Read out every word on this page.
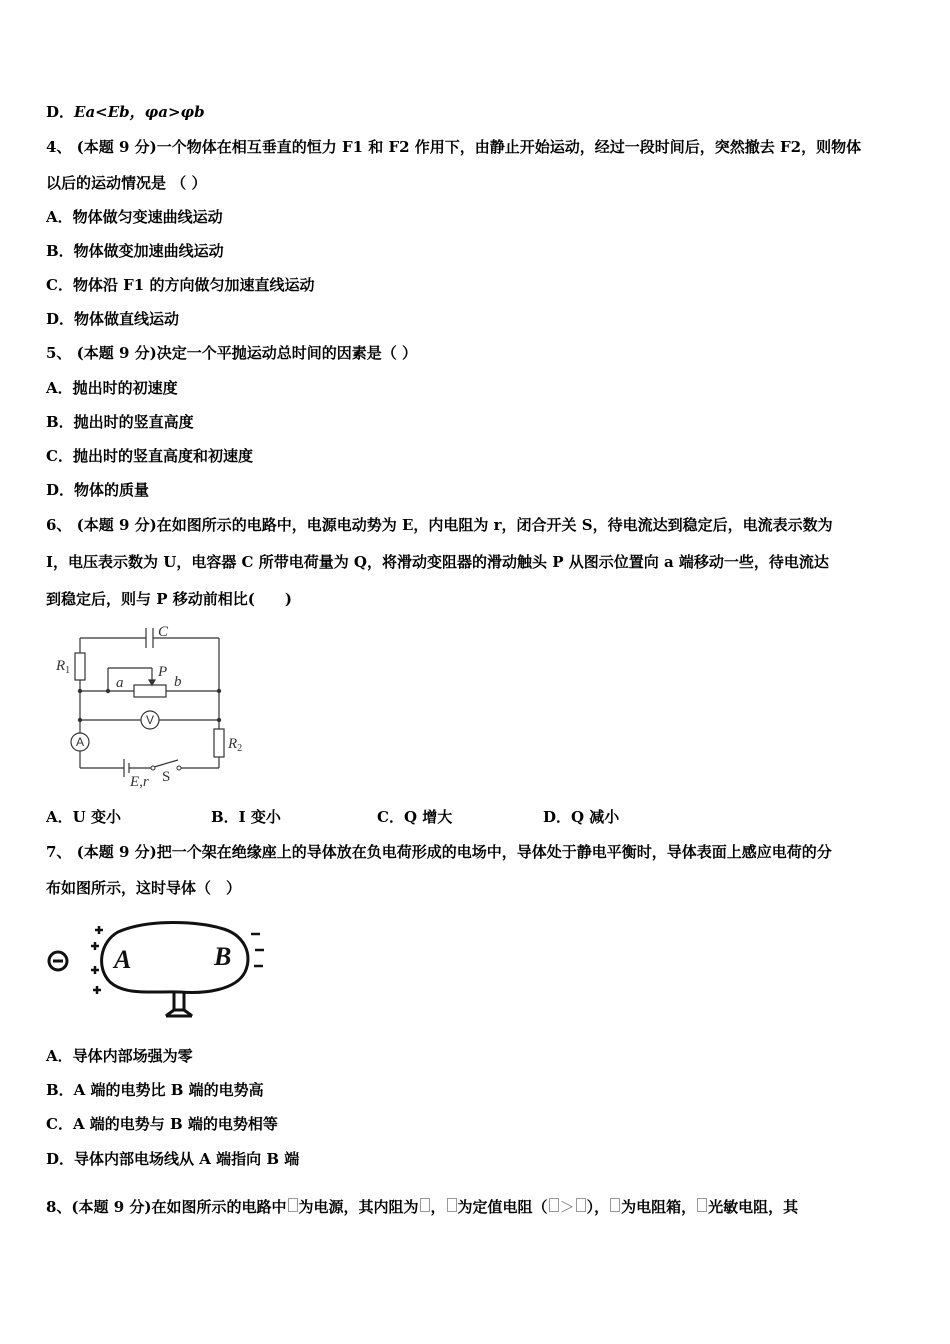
D．Ea<Eb，φa>φb
4、 (本题 9 分)一个物体在相互垂直的恒力 F1 和 F2 作用下，由静止开始运动，经过一段时间后，突然撤去 F2，则物体
以后的运动情况是 （ ）
A．物体做匀变速曲线运动
B．物体做变加速曲线运动
C．物体沿 F1 的方向做匀加速直线运动
D．物体做直线运动
5、 (本题 9 分)决定一个平抛运动总时间的因素是（ ）
A．抛出时的初速度
B．抛出时的竖直高度
C．抛出时的竖直高度和初速度
D．物体的质量
6、 (本题 9 分)在如图所示的电路中，电源电动势为 E，内电阻为 r，闭合开关 S，待电流达到稳定后，电流表示数为
I，电压表示数为 U，电容器 C 所带电荷量为 Q，将滑动变阻器的滑动触头 P 从图示位置向 a 端移动一些，待电流达
到稳定后，则与 P 移动前相比(　　)
C
$R_1$	P
a	b
$R_2$
E,r
V
A
S
A．U 变小	B．I 变小	C．Q 增大	D．Q 减小
7、 (本题 9 分)把一个架在绝缘座上的导体放在负电荷形成的电场中，导体处于静电平衡时，导体表面上感应电荷的分
布如图所示，这时导体（　）
A	B
A．导体内部场强为零
B．A 端的电势比 B 端的电势高
C．A 端的电势与 B 端的电势相等
D．导体内部电场线从 A 端指向 B 端
8、(本题 9 分)在如图所示的电路中 为电源，其内阻为 ， 为定值电阻（ ＞ ）， 为电阻箱， 光敏电阻，其
